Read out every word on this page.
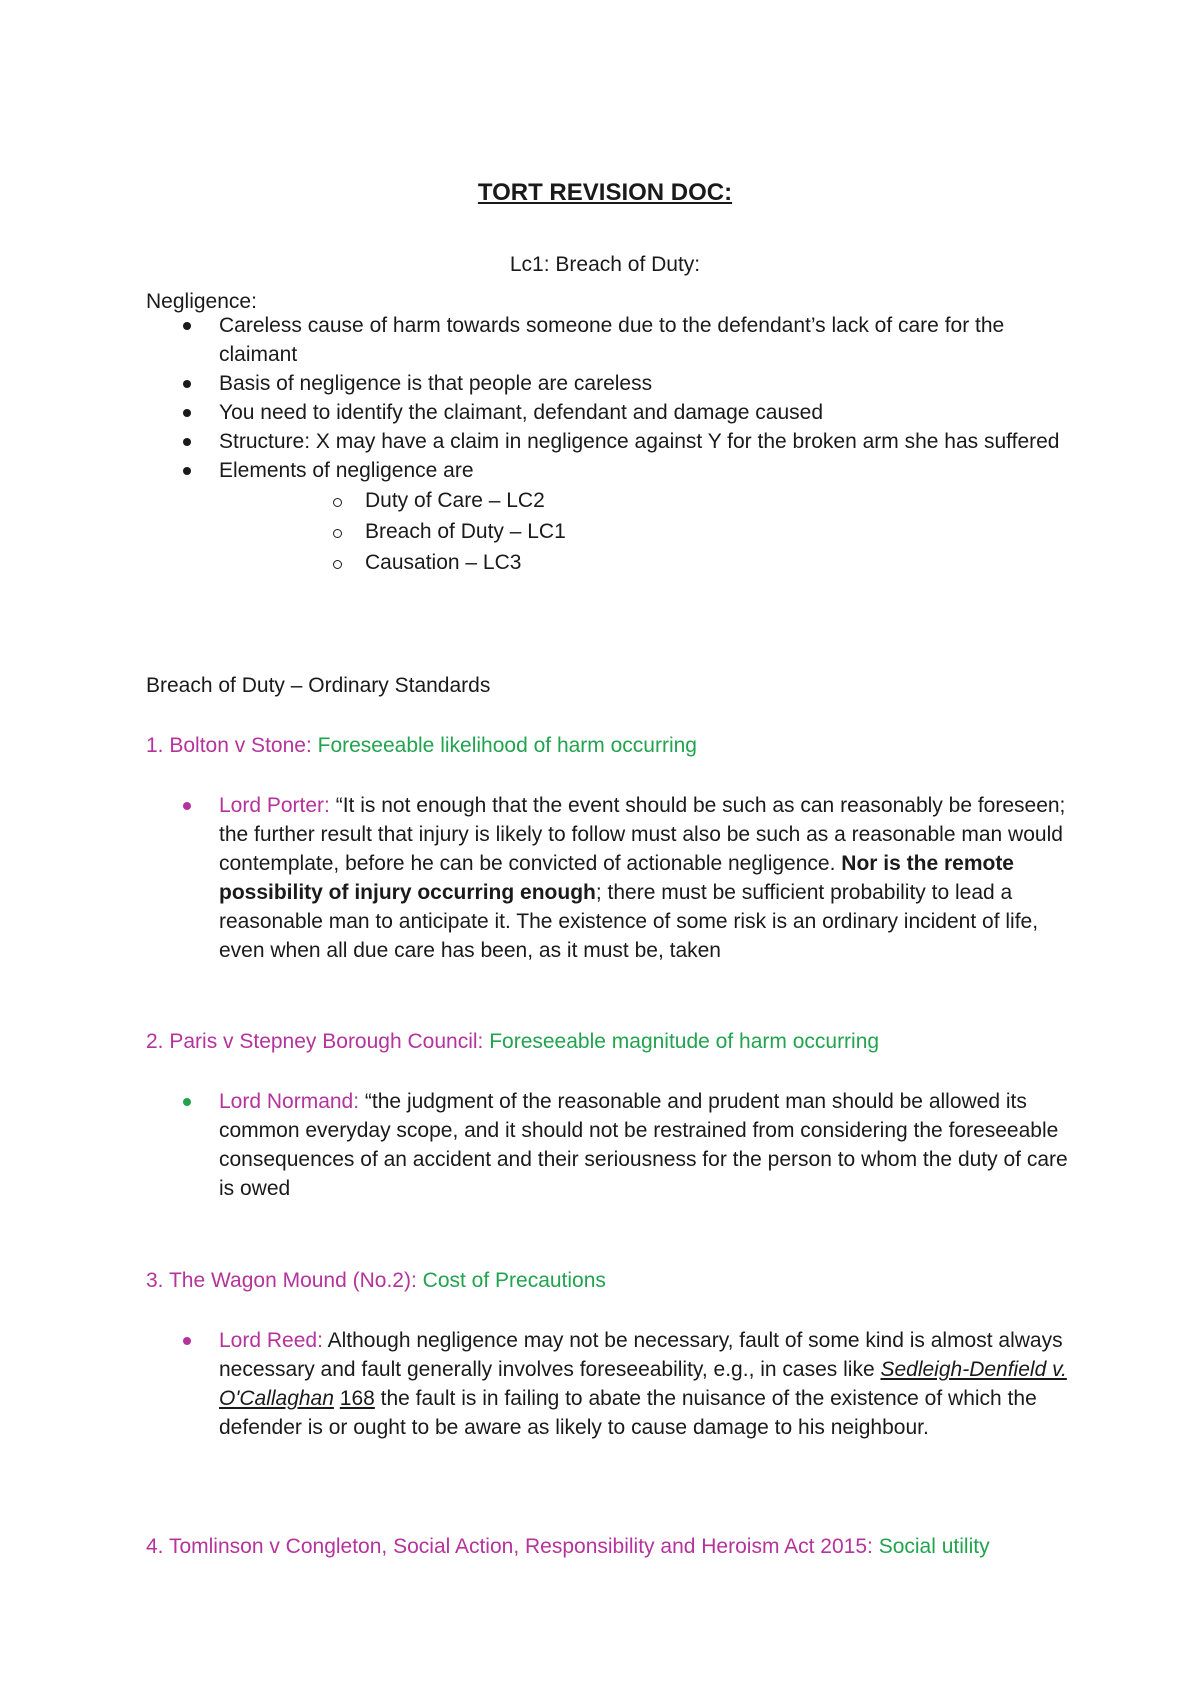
TORT REVISION DOC:

Lc1: Breach of Duty:

Negligence:

Careless cause of harm towards someone due to the defendant’s lack of care for the claimant
Basis of negligence is that people are careless
You need to identify the claimant, defendant and damage caused
Structure: X may have a claim in negligence against Y for the broken arm she has suffered
Elements of negligence are
Duty of Care – LC2
Breach of Duty – LC1
Causation – LC3

Breach of Duty – Ordinary Standards

1. Bolton v Stone: Foreseeable likelihood of harm occurring

Lord Porter: “It is not enough that the event should be such as can reasonably be foreseen; the further result that injury is likely to follow must also be such as a reasonable man would contemplate, before he can be convicted of actionable negligence. Nor is the remote possibility of injury occurring enough; there must be sufficient probability to lead a reasonable man to anticipate it. The existence of some risk is an ordinary incident of life, even when all due care has been, as it must be, taken

2. Paris v Stepney Borough Council: Foreseeable magnitude of harm occurring

Lord Normand: “the judgment of the reasonable and prudent man should be allowed its common everyday scope, and it should not be restrained from considering the foreseeable consequences of an accident and their seriousness for the person to whom the duty of care is owed

3. The Wagon Mound (No.2): Cost of Precautions

Lord Reed: Although negligence may not be necessary, fault of some kind is almost always necessary and fault generally involves foreseeability, e.g., in cases like Sedleigh-Denfield v. O'Callaghan 168 the fault is in failing to abate the nuisance of the existence of which the defender is or ought to be aware as likely to cause damage to his neighbour.

4. Tomlinson v Congleton, Social Action, Responsibility and Heroism Act 2015: Social utility
